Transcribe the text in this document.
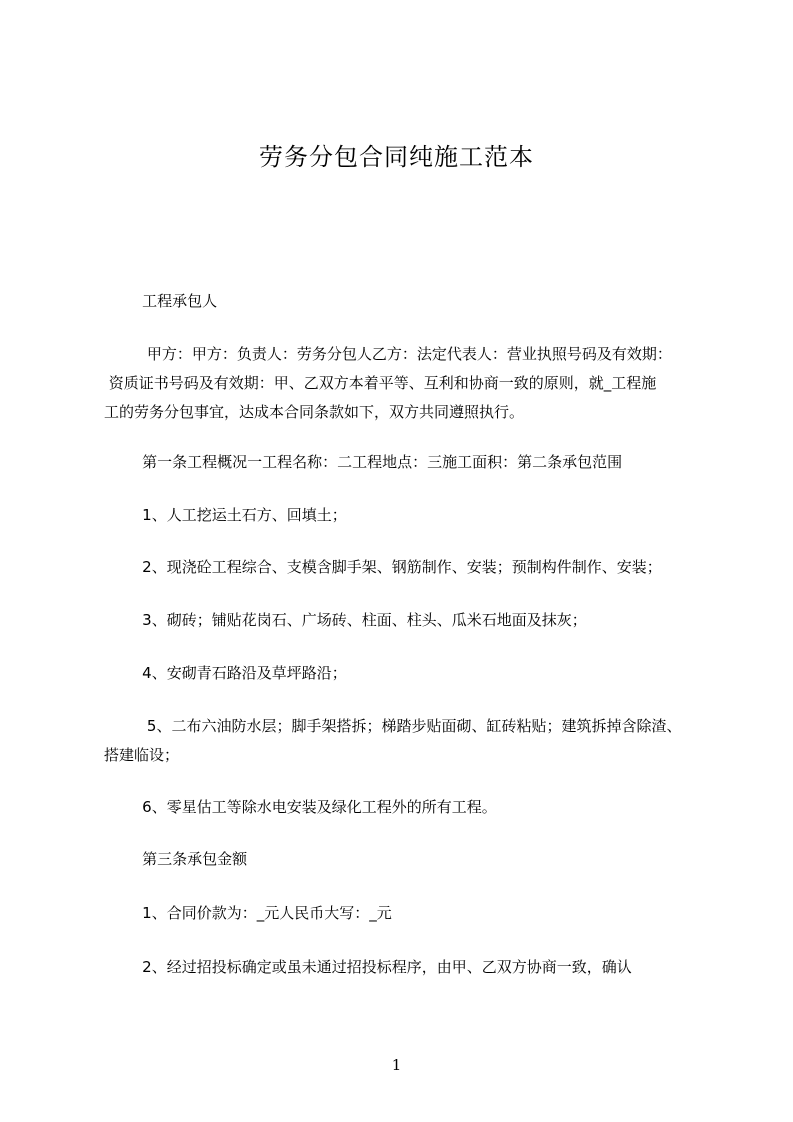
劳务分包合同纯施工范本
工程承包人
甲方：甲方：负责人：劳务分包人乙方：法定代表人：营业执照号码及有效期：
资质证书号码及有效期：甲、乙双方本着平等、互利和协商一致的原则，就_工程施
工的劳务分包事宜，达成本合同条款如下，双方共同遵照执行。
第一条工程概况一工程名称：二工程地点：三施工面积：第二条承包范围
1、人工挖运土石方、回填土；
2、现浇砼工程综合、支模含脚手架、钢筋制作、安装；预制构件制作、安装；
3、砌砖；铺贴花岗石、广场砖、柱面、柱头、瓜米石地面及抹灰；
4、安砌青石路沿及草坪路沿；
5、二布六油防水层；脚手架搭拆；梯踏步贴面砌、缸砖粘贴；建筑拆掉含除渣、
搭建临设；
6、零星估工等除水电安装及绿化工程外的所有工程。
第三条承包金额
1、合同价款为：_元人民币大写：_元
2、经过招投标确定或虽未通过招投标程序，由甲、乙双方协商一致，确认
1
